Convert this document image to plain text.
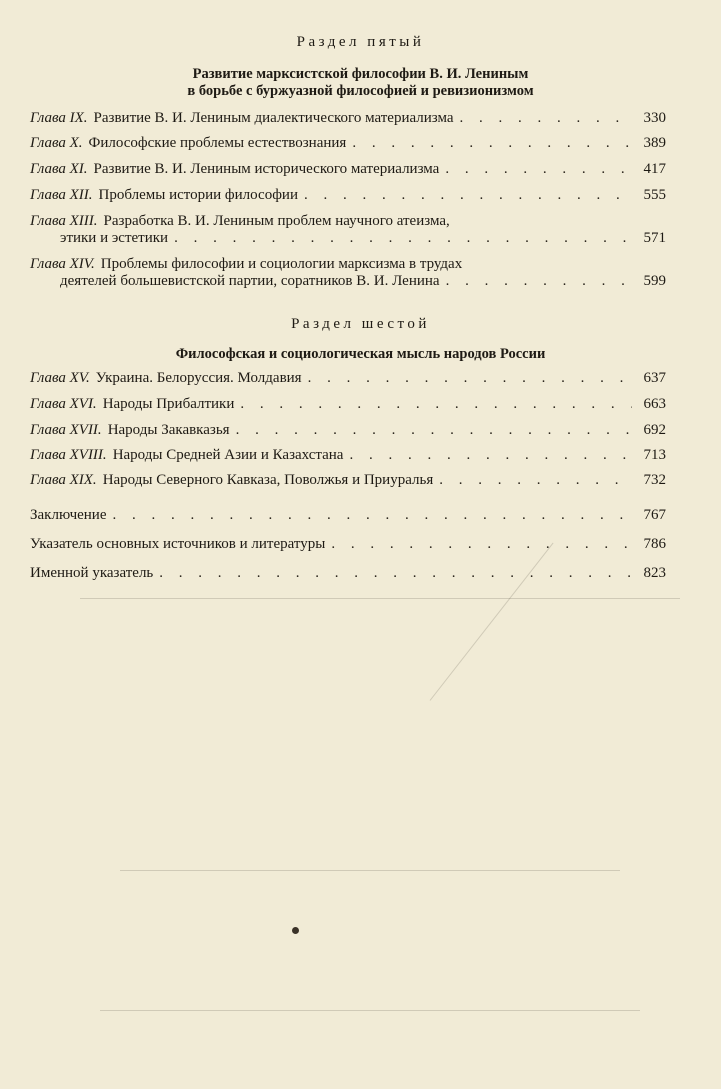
Раздел пятый
Развитие марксистской философии В. И. Лениным
в борьбе с буржуазной философией и ревизионизмом
Глава IX. Развитие В. И. Лениным диалектического материализма . . .	330
Глава X. Философские проблемы естествознания . . .	389
Глава XI. Развитие В. И. Лениным исторического материализма . . .	417
Глава XII. Проблемы истории философии . . .	555
Глава XIII. Разработка В. И. Лениным проблем научного атеизма,
этики и эстетики . . .	571
Глава XIV. Проблемы философии и социологии марксизма в трудах
деятелей большевистской партии, соратников В. И. Ленина . . .	599
Раздел шестой
Философская и социологическая мысль народов России
Глава XV. Украина. Белоруссия. Молдавия . . .	637
Глава XVI. Народы Прибалтики . . .	663
Глава XVII. Народы Закавказья . . .	692
Глава XVIII. Народы Средней Азии и Казахстана . . .	713
Глава XIX. Народы Северного Кавказа, Поволжья и Приуралья . . .	732
Заключение . . .	767
Указатель основных источников и литературы . . .	786
Именной указатель . . .	823
